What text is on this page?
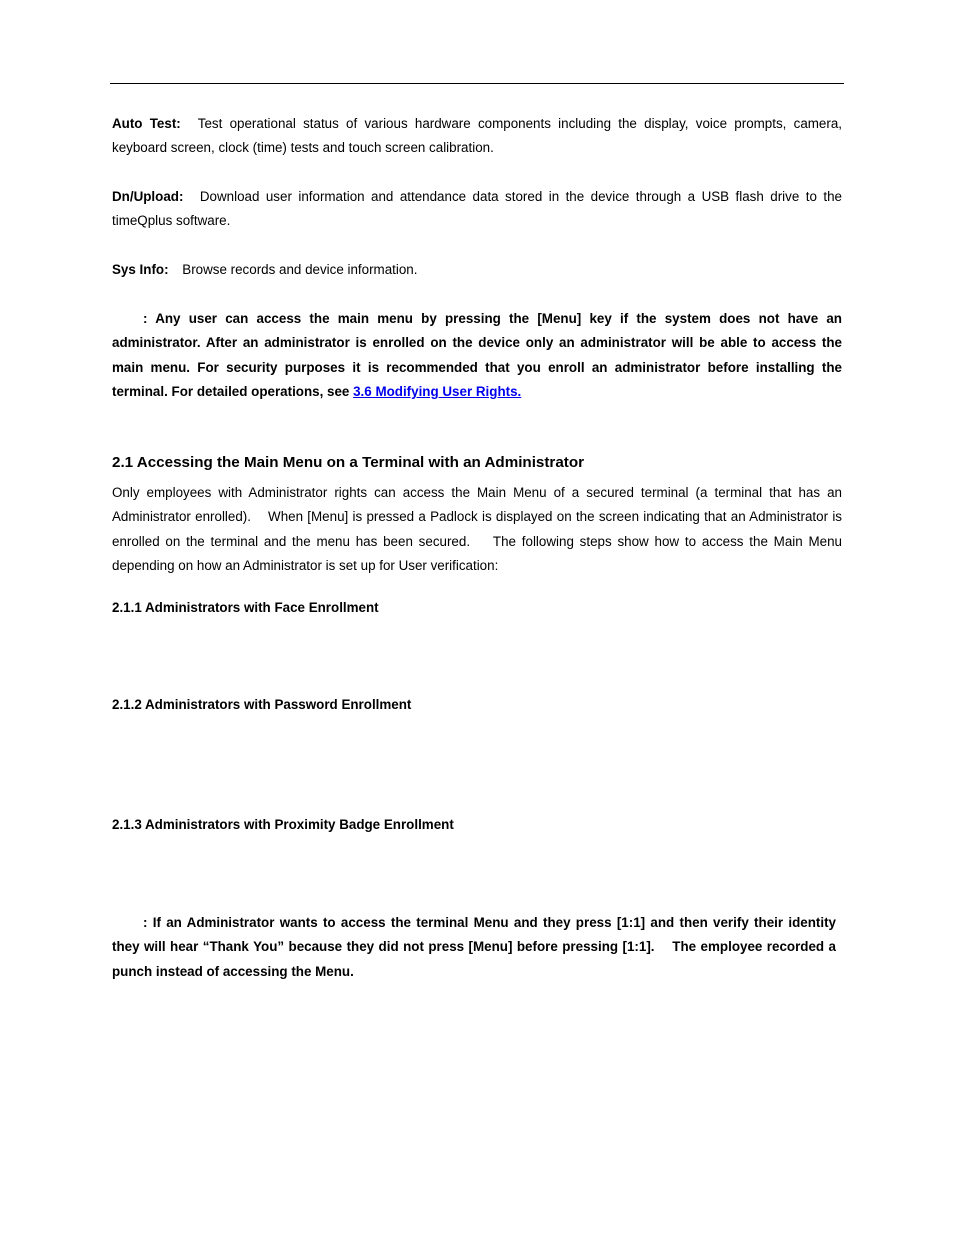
Auto Test: Test operational status of various hardware components including the display, voice prompts, camera, keyboard screen, clock (time) tests and touch screen calibration.
Dn/Upload: Download user information and attendance data stored in the device through a USB flash drive to the timeQplus software.
Sys Info: Browse records and device information.
: Any user can access the main menu by pressing the [Menu] key if the system does not have an administrator. After an administrator is enrolled on the device only an administrator will be able to access the main menu. For security purposes it is recommended that you enroll an administrator before installing the terminal. For detailed operations, see 3.6 Modifying User Rights.
2.1 Accessing the Main Menu on a Terminal with an Administrator
Only employees with Administrator rights can access the Main Menu of a secured terminal (a terminal that has an Administrator enrolled).    When [Menu] is pressed a Padlock is displayed on the screen indicating that an Administrator is enrolled on the terminal and the menu has been secured.    The following steps show how to access the Main Menu depending on how an Administrator is set up for User verification:
2.1.1 Administrators with Face Enrollment
2.1.2 Administrators with Password Enrollment
2.1.3 Administrators with Proximity Badge Enrollment
: If an Administrator wants to access the terminal Menu and they press [1:1] and then verify their identity they will hear “Thank You” because they did not press [Menu] before pressing [1:1].    The employee recorded a punch instead of accessing the Menu.
